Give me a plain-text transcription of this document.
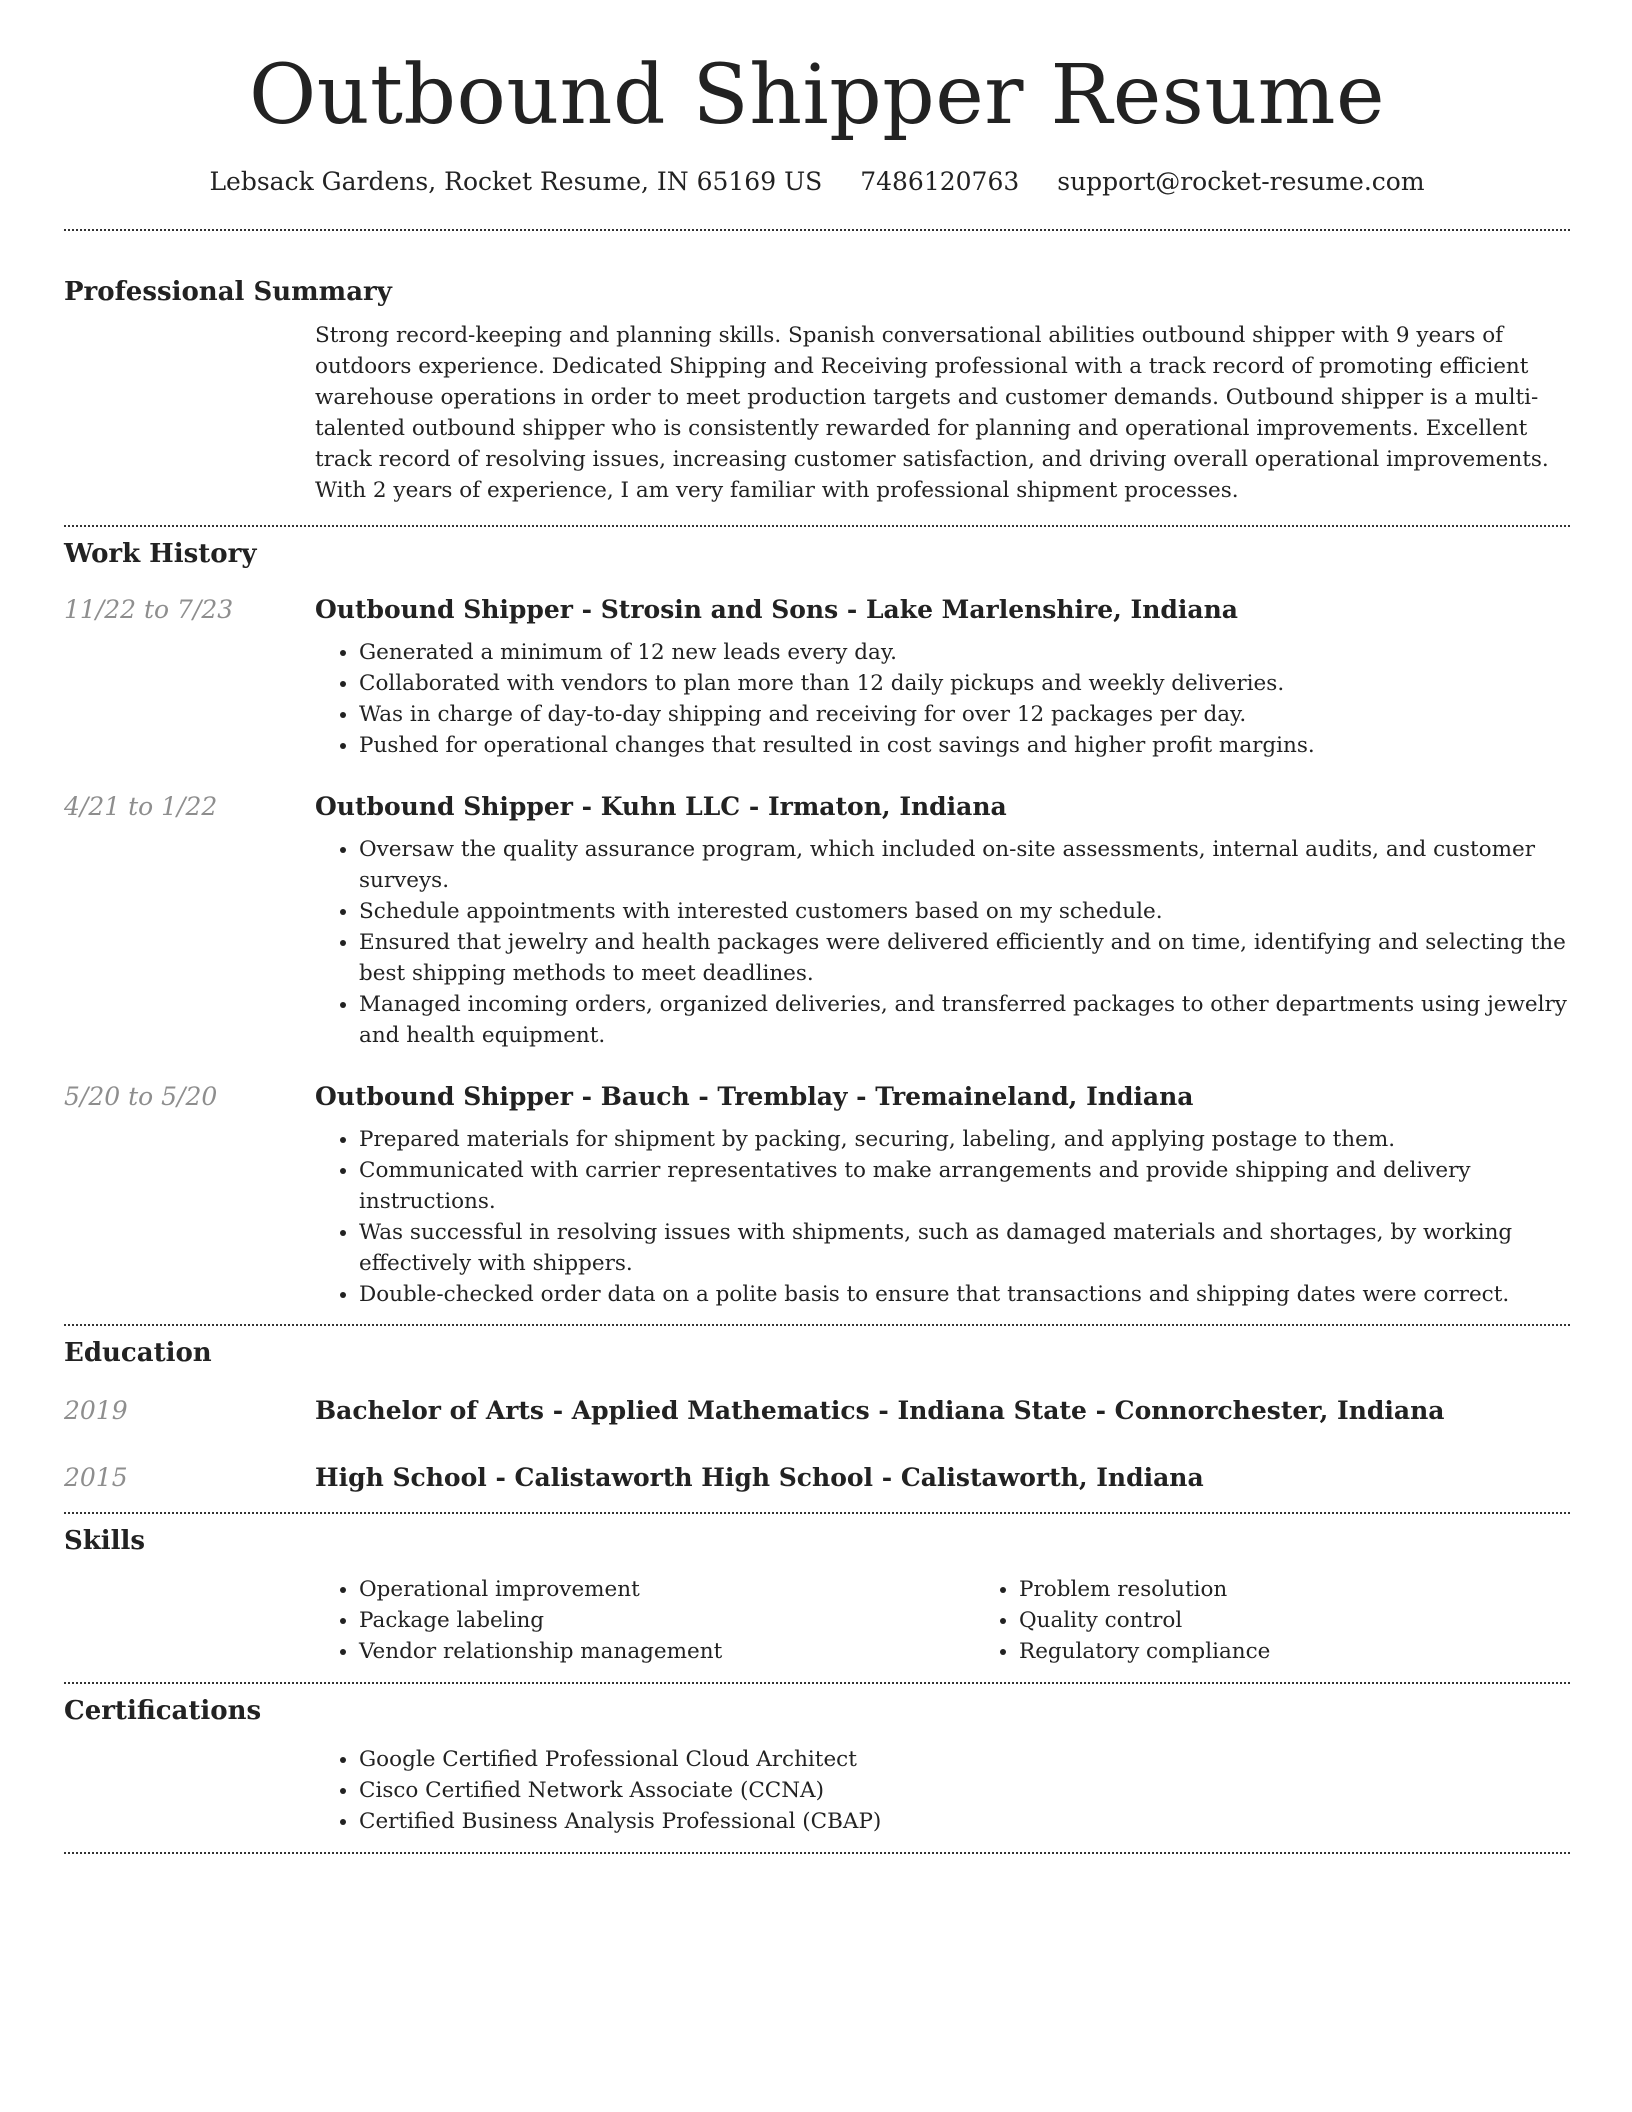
Outbound Shipper Resume
Lebsack Gardens, Rocket Resume, IN 65169 US 7486120763 support@rocket-resume.com
Professional Summary

Strong record-keeping and planning skills. Spanish conversational abilities outbound shipper with 9 years of outdoors experience. Dedicated Shipping and Receiving professional with a track record of promoting efficient warehouse operations in order to meet production targets and customer demands. Outbound shipper is a multi-talented outbound shipper who is consistently rewarded for planning and operational improvements. Excellent track record of resolving issues, increasing customer satisfaction, and driving overall operational improvements. With 2 years of experience, I am very familiar with professional shipment processes.

Work History
11/22 to 7/23	Outbound Shipper - Strosin and Sons - Lake Marlenshire, Indiana
• Generated a minimum of 12 new leads every day.
• Collaborated with vendors to plan more than 12 daily pickups and weekly deliveries.
• Was in charge of day-to-day shipping and receiving for over 12 packages per day.
• Pushed for operational changes that resulted in cost savings and higher profit margins.
4/21 to 1/22	Outbound Shipper - Kuhn LLC - Irmaton, Indiana
• Oversaw the quality assurance program, which included on-site assessments, internal audits, and customer surveys.
• Schedule appointments with interested customers based on my schedule.
• Ensured that jewelry and health packages were delivered efficiently and on time, identifying and selecting the best shipping methods to meet deadlines.
• Managed incoming orders, organized deliveries, and transferred packages to other departments using jewelry and health equipment.
5/20 to 5/20	Outbound Shipper - Bauch - Tremblay - Tremaineland, Indiana
• Prepared materials for shipment by packing, securing, labeling, and applying postage to them.
• Communicated with carrier representatives to make arrangements and provide shipping and delivery instructions.
• Was successful in resolving issues with shipments, such as damaged materials and shortages, by working effectively with shippers.
• Double-checked order data on a polite basis to ensure that transactions and shipping dates were correct.
Education
2019	Bachelor of Arts - Applied Mathematics - Indiana State - Connorchester, Indiana
2015	High School - Calistaworth High School - Calistaworth, Indiana
Skills
• Operational improvement
• Package labeling
• Vendor relationship management
• Problem resolution
• Quality control
• Regulatory compliance
Certifications
• Google Certified Professional Cloud Architect
• Cisco Certified Network Associate (CCNA)
• Certified Business Analysis Professional (CBAP)
